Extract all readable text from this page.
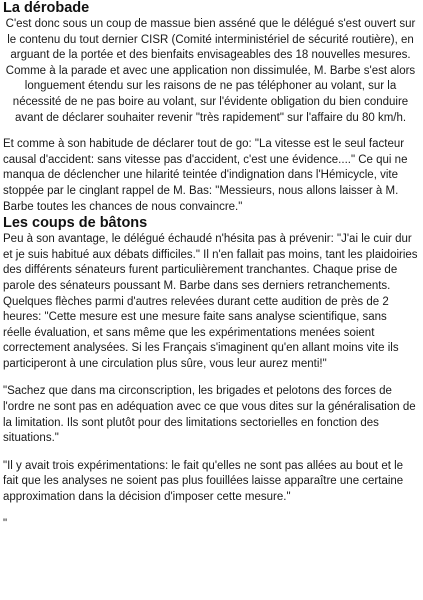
La dérobade

C'est donc sous un coup de massue bien asséné que le délégué s'est ouvert sur le contenu du tout dernier CISR (Comité interministériel de sécurité routière), en arguant de la portée et des bienfaits envisageables des 18 nouvelles mesures. Comme à la parade et avec une application non dissimulée, M. Barbe s'est alors longuement étendu sur les raisons de ne pas téléphoner au volant, sur la nécessité de ne pas boire au volant, sur l'évidente obligation du bien conduire avant de déclarer souhaiter revenir "très rapidement" sur l'affaire du 80 km/h.

Et comme à son habitude de déclarer tout de go: "La vitesse est le seul facteur causal d'accident: sans vitesse pas d'accident, c'est une évidence...." Ce qui ne manqua de déclencher une hilarité teintée d'indignation dans l'Hémicycle, vite stoppée par le cinglant rappel de M. Bas: "Messieurs, nous allons laisser à M. Barbe toutes les chances de nous convaincre."

Les coups de bâtons

Peu à son avantage, le délégué échaudé n'hésita pas à prévenir: "J'ai le cuir dur et je suis habitué aux débats difficiles." Il n'en fallait pas moins, tant les plaidoiries des différents sénateurs furent particulièrement tranchantes. Chaque prise de parole des sénateurs poussant M. Barbe dans ses derniers retranchements. Quelques flèches parmi d'autres relevées durant cette audition de près de 2 heures: "Cette mesure est une mesure faite sans analyse scientifique, sans réelle évaluation, et sans même que les expérimentations menées soient correctement analysées. Si les Français s'imaginent qu'en allant moins vite ils participeront à une circulation plus sûre, vous leur aurez menti!"

"Sachez que dans ma circonscription, les brigades et pelotons des forces de l'ordre ne sont pas en adéquation avec ce que vous dites sur la généralisation de la limitation. Ils sont plutôt pour des limitations sectorielles en fonction des situations."

"Il y avait trois expérimentations: le fait qu'elles ne sont pas allées au bout et le fait que les analyses ne soient pas plus fouillées laisse apparaître une certaine approximation dans la décision d'imposer cette mesure."

"
